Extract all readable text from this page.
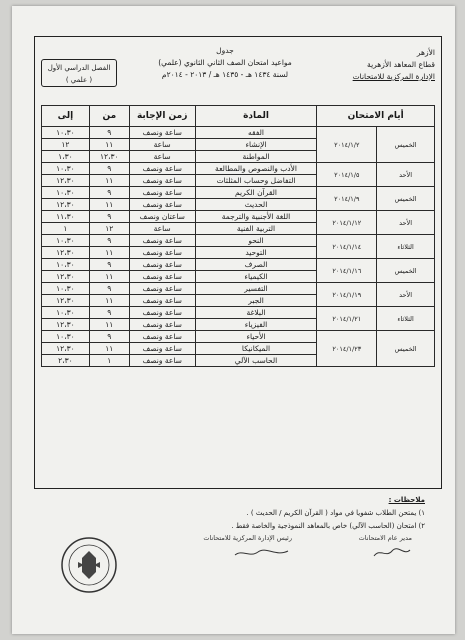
الأزهر
قطاع المعاهد الأزهرية
الإدارة المركزية للامتحانات
جدول
مواعيد امتحان الصف الثاني الثانوي (علمي)
لسنة ١٤٣٤ هـ - ١٤٣٥ هـ / ٢٠١٣ - ٢٠١٤م
الفصل الدراسي الأول
( علمي )
أيام الامتحان		المادة	زمن الإجابة	من	إلى
الخميس	٢٠١٤/١/٢	الفقه	ساعة ونصف	٩	١٠،٣٠
		الإنشاء	ساعة	١١	١٢
		المواطنة	ساعة	١٢،٣٠	١،٣٠
الأحد	٢٠١٤/١/٥	الأدب والنصوص والمطالعة	ساعة ونصف	٩	١٠،٣٠
		التفاضل وحساب المثلثات	ساعة ونصف	١١	١٢،٣٠
الخميس	٢٠١٤/١/٩	القرآن الكريم	ساعة ونصف	٩	١٠،٣٠
		الحديث	ساعة ونصف	١١	١٢،٣٠
الأحد	٢٠١٤/١/١٢	اللغة الأجنبية والترجمة	ساعتان ونصف	٩	١١،٣٠
		التربية الفنية	ساعة	١٢	١
الثلاثاء	٢٠١٤/١/١٤	النحو	ساعة ونصف	٩	١٠،٣٠
		التوحيد	ساعة ونصف	١١	١٢،٣٠
الخميس	٢٠١٤/١/١٦	الصرف	ساعة ونصف	٩	١٠،٣٠
		الكيمياء	ساعة ونصف	١١	١٢،٣٠
الأحد	٢٠١٤/١/١٩	التفسير	ساعة ونصف	٩	١٠،٣٠
		الجبر	ساعة ونصف	١١	١٢،٣٠
الثلاثاء	٢٠١٤/١/٢١	البلاغة	ساعة ونصف	٩	١٠،٣٠
		الفيزياء	ساعة ونصف	١١	١٢،٣٠
الخميس	٢٠١٤/١/٢٣	الأحياء	ساعة ونصف	٩	١٠،٣٠
		الميكانيكا	ساعة ونصف	١١	١٢،٣٠
		الحاسب الآلي	ساعة ونصف	١	٢،٣٠
ملاحظات :
١) يمتحن الطلاب شفويا في مواد ( القرآن الكريم / الحديث ) .
٢) امتحان (الحاسب الآلي) خاص بالمعاهد النموذجية والخاصة فقط .
مدير عام الامتحانات
رئيس الإدارة المركزية للامتحانات
